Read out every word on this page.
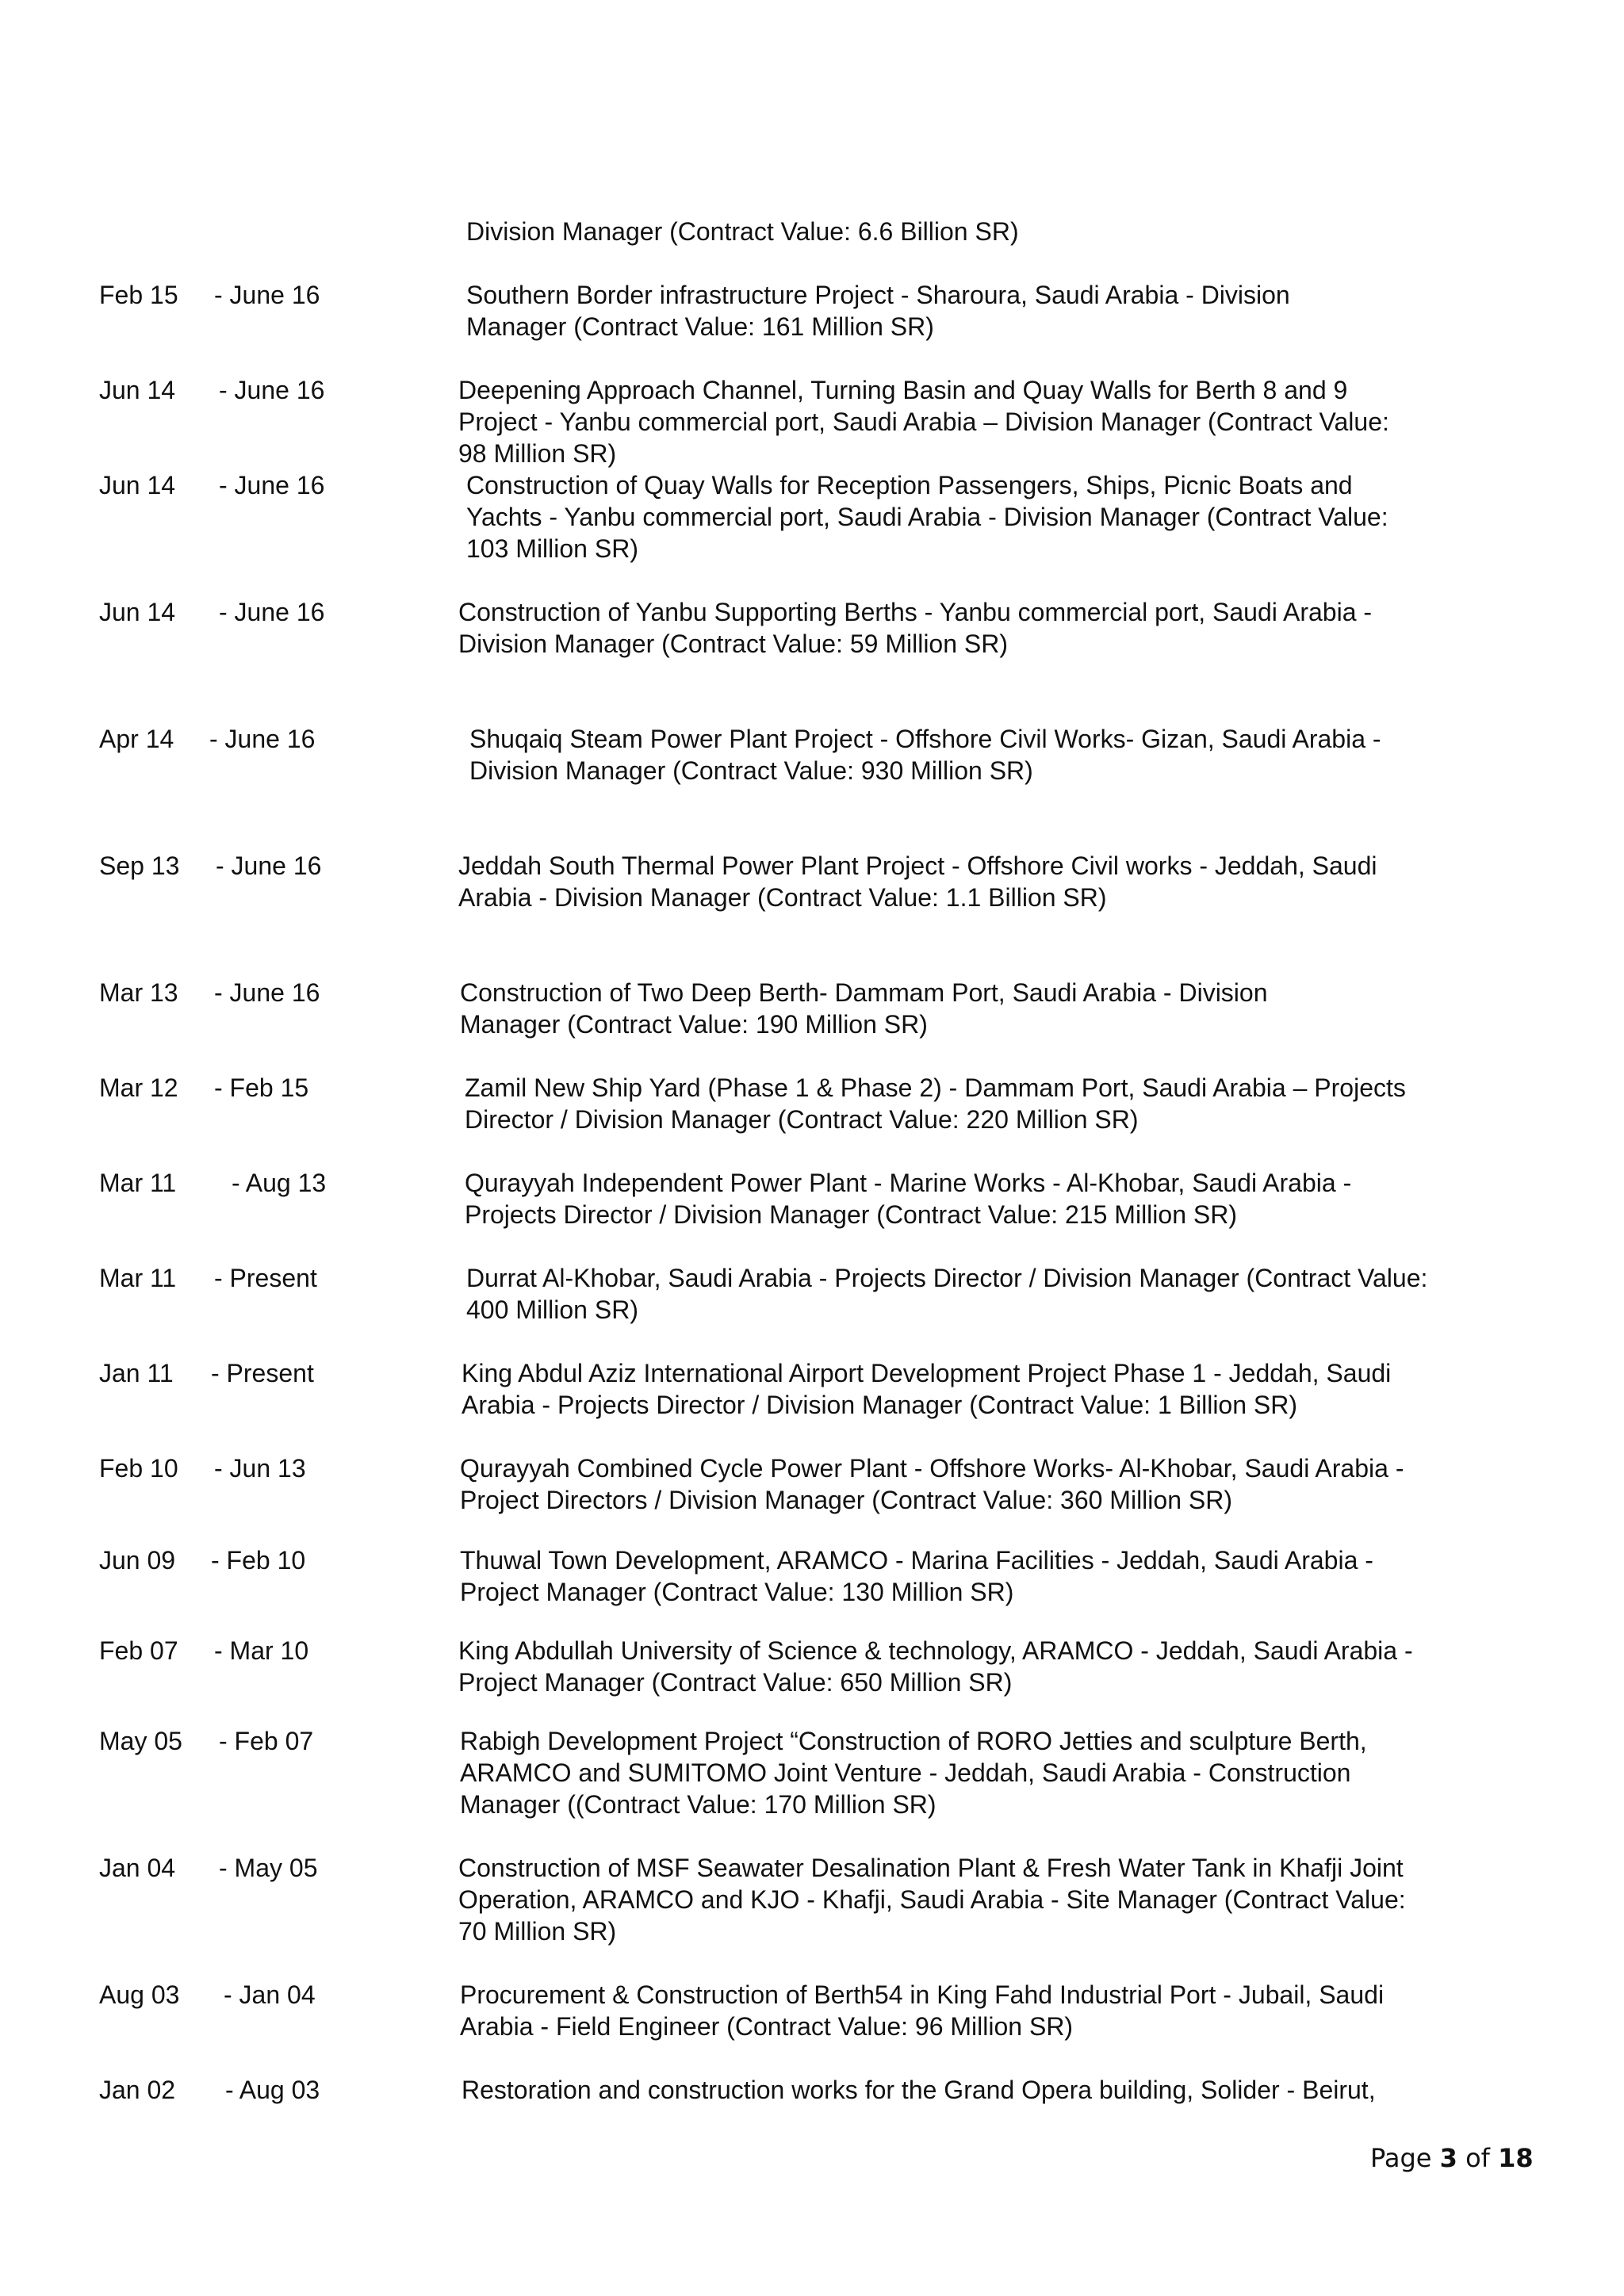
Division Manager (Contract Value: 6.6 Billion SR)
Feb 15 - June 16	Southern Border infrastructure Project - Sharoura, Saudi Arabia - Division
Manager (Contract Value: 161 Million SR)
Jun 14 - June 16	Deepening Approach Channel, Turning Basin and Quay Walls for Berth 8 and 9
Project - Yanbu commercial port, Saudi Arabia – Division Manager (Contract Value:
98 Million SR)
Jun 14 - June 16	Construction of Quay Walls for Reception Passengers, Ships, Picnic Boats and
Yachts - Yanbu commercial port, Saudi Arabia - Division Manager (Contract Value:
103 Million SR)
Jun 14 - June 16	Construction of Yanbu Supporting Berths - Yanbu commercial port, Saudi Arabia -
Division Manager (Contract Value: 59 Million SR)
Apr 14 - June 16	Shuqaiq Steam Power Plant Project - Offshore Civil Works- Gizan, Saudi Arabia -
Division Manager (Contract Value: 930 Million SR)
Sep 13 - June 16	Jeddah South Thermal Power Plant Project - Offshore Civil works - Jeddah, Saudi
Arabia - Division Manager (Contract Value: 1.1 Billion SR)
Mar 13 - June 16	Construction of Two Deep Berth- Dammam Port, Saudi Arabia - Division
Manager (Contract Value: 190 Million SR)
Mar 12 - Feb 15	Zamil New Ship Yard (Phase 1 & Phase 2) - Dammam Port, Saudi Arabia – Projects
Director / Division Manager (Contract Value: 220 Million SR)
Mar 11 - Aug 13	Qurayyah Independent Power Plant - Marine Works - Al-Khobar, Saudi Arabia -
Projects Director / Division Manager (Contract Value: 215 Million SR)
Mar 11 - Present	Durrat Al-Khobar, Saudi Arabia - Projects Director / Division Manager (Contract Value:
400 Million SR)
Jan 11 - Present	King Abdul Aziz International Airport Development Project Phase 1 - Jeddah, Saudi
Arabia - Projects Director / Division Manager (Contract Value: 1 Billion SR)
Feb 10 - Jun 13	Qurayyah Combined Cycle Power Plant - Offshore Works- Al-Khobar, Saudi Arabia -
Project Directors / Division Manager (Contract Value: 360 Million SR)
Jun 09 - Feb 10	Thuwal Town Development, ARAMCO - Marina Facilities - Jeddah, Saudi Arabia -
Project Manager (Contract Value: 130 Million SR)
Feb 07 - Mar 10	King Abdullah University of Science & technology, ARAMCO - Jeddah, Saudi Arabia -
Project Manager (Contract Value: 650 Million SR)
May 05 - Feb 07	Rabigh Development Project “Construction of RORO Jetties and sculpture Berth,
ARAMCO and SUMITOMO Joint Venture - Jeddah, Saudi Arabia - Construction
Manager ((Contract Value: 170 Million SR)
Jan 04 - May 05	Construction of MSF Seawater Desalination Plant & Fresh Water Tank in Khafji Joint
Operation, ARAMCO and KJO - Khafji, Saudi Arabia - Site Manager (Contract Value:
70 Million SR)
Aug 03 - Jan 04	Procurement & Construction of Berth54 in King Fahd Industrial Port - Jubail, Saudi
Arabia - Field Engineer (Contract Value: 96 Million SR)
Jan 02 - Aug 03	Restoration and construction works for the Grand Opera building, Solider - Beirut,
Page 3 of 18
